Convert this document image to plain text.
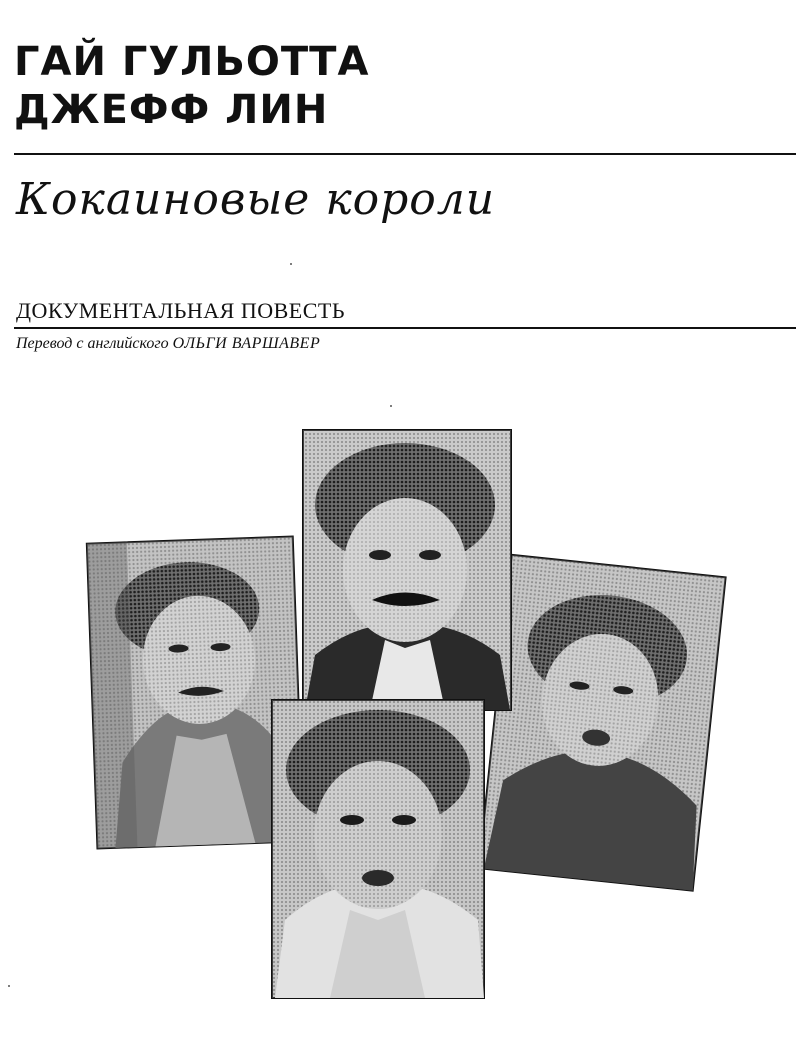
ГАЙ ГУЛЬОТТА
ДЖЕФФ ЛИН
Кокаиновые короли
ДОКУМЕНТАЛЬНАЯ ПОВЕСТЬ
Перевод с английского ОЛЬГИ ВАРШАВЕР
